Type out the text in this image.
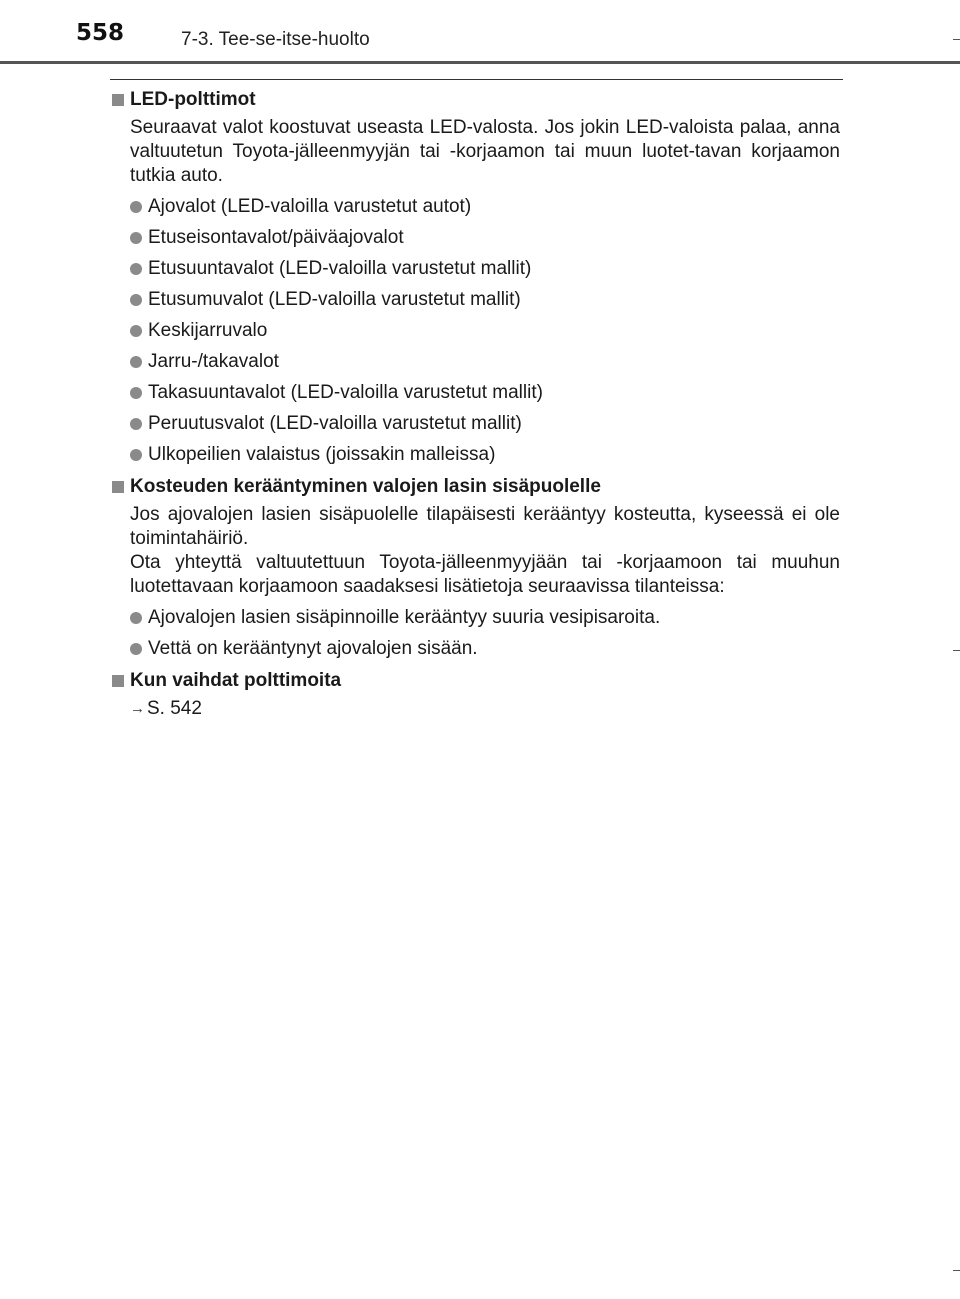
558	7-3. Tee-se-itse-huolto
LED-polttimot
Seuraavat valot koostuvat useasta LED-valosta. Jos jokin LED-valoista palaa, anna valtuutetun Toyota-jälleenmyyjän tai -korjaamon tai muun luotet-tavan korjaamon tutkia auto.
Ajovalot (LED-valoilla varustetut autot)
Etuseisontavalot/päiväajovalot
Etusuuntavalot (LED-valoilla varustetut mallit)
Etusumuvalot (LED-valoilla varustetut mallit)
Keskijarruvalo
Jarru-/takavalot
Takasuuntavalot (LED-valoilla varustetut mallit)
Peruutusvalot (LED-valoilla varustetut mallit)
Ulkopeilien valaistus (joissakin malleissa)
Kosteuden kerääntyminen valojen lasin sisäpuolelle
Jos ajovalojen lasien sisäpuolelle tilapäisesti kerääntyy kosteutta, kyseessä ei ole toimintahäiriö.
Ota yhteyttä valtuutettuun Toyota-jälleenmyyjään tai -korjaamoon tai muuhun luotettavaan korjaamoon saadaksesi lisätietoja seuraavissa tilanteissa:
Ajovalojen lasien sisäpinnoille kerääntyy suuria vesipisaroita.
Vettä on kerääntynyt ajovalojen sisään.
Kun vaihdat polttimoita
→ S. 542
